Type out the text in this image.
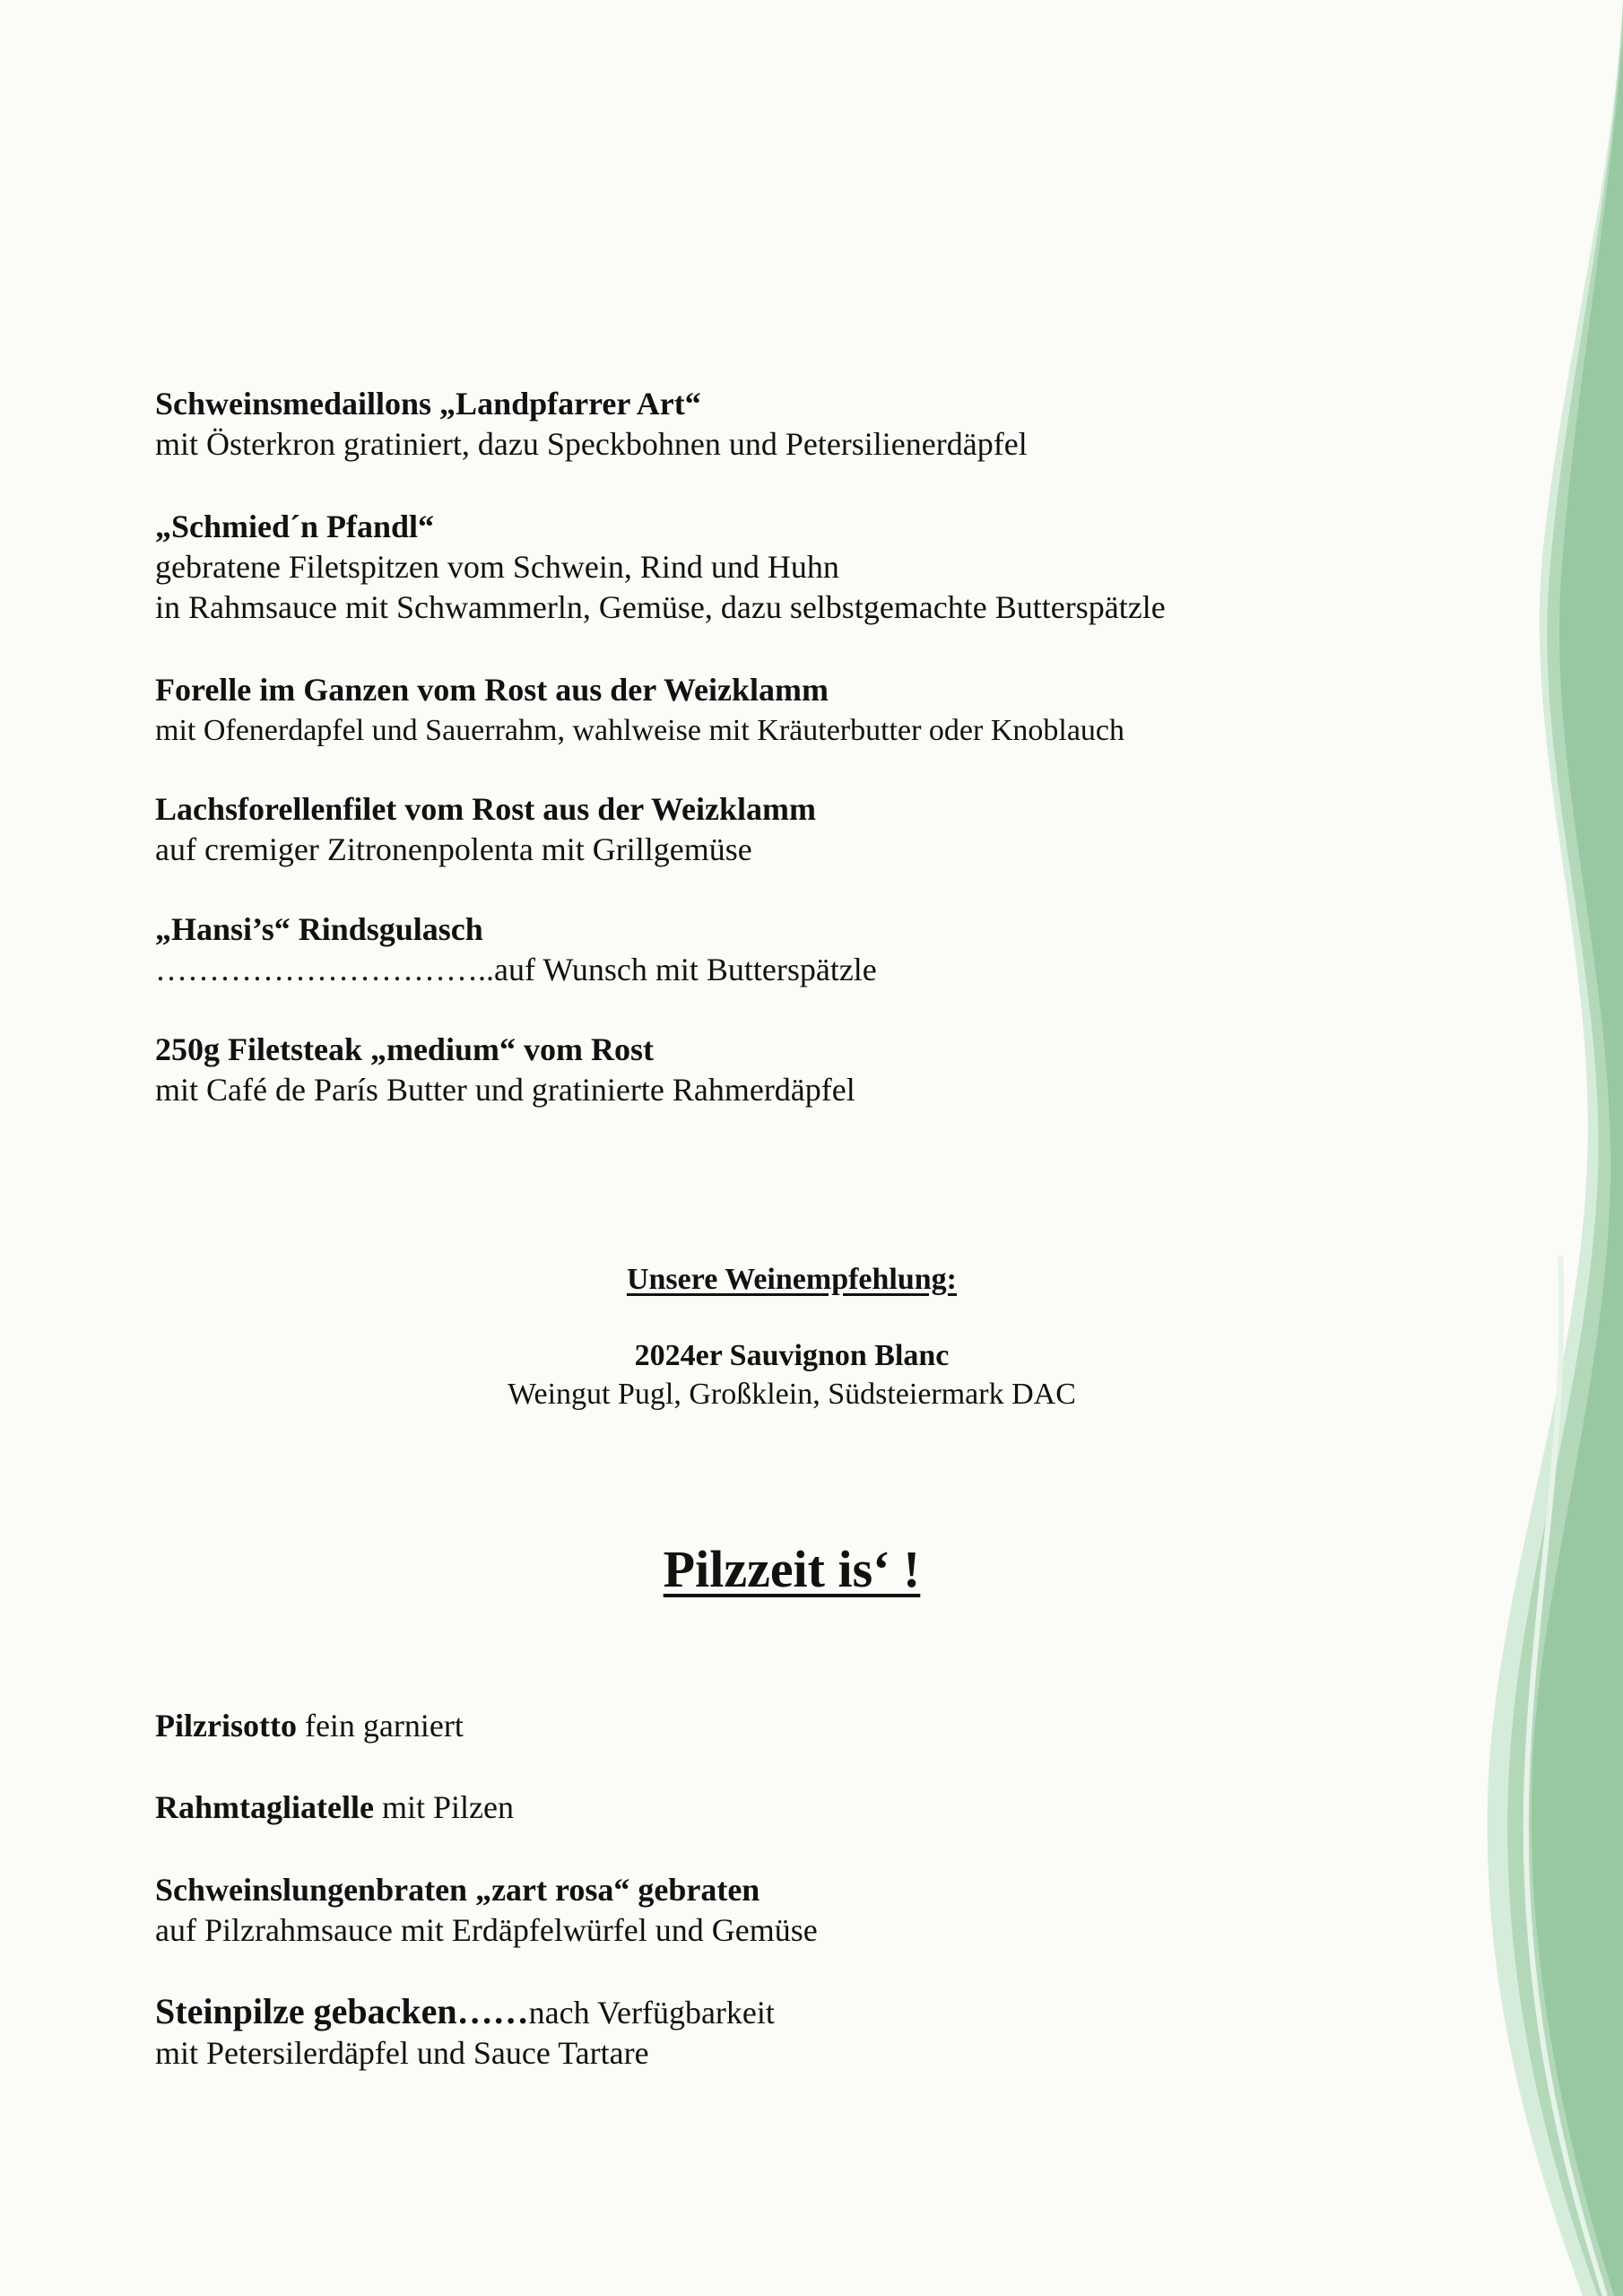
Schweinsmedaillons „Landpfarrer Art“
mit Österkron gratiniert, dazu Speckbohnen und Petersilienerdäpfel
„Schmied´n Pfandl“
gebratene Filetspitzen vom Schwein, Rind und Huhn
in Rahmsauce mit Schwammerln, Gemüse, dazu selbstgemachte Butterspätzle
Forelle im Ganzen vom Rost aus der Weizklamm
mit Ofenerdapfel und Sauerrahm, wahlweise mit Kräuterbutter oder Knoblauch
Lachsforellenfilet vom Rost aus der Weizklamm
auf cremiger Zitronenpolenta mit Grillgemüse
„Hansi’s“ Rindsgulasch
…………………………..auf Wunsch mit Butterspätzle
250g Filetsteak „medium“ vom Rost
mit Café de París Butter und gratinierte Rahmerdäpfel
Unsere Weinempfehlung:
2024er Sauvignon Blanc
Weingut Pugl, Großklein, Südsteiermark DAC
Pilzzeit is‘ !
Pilzrisotto fein garniert
Rahmtagliatelle mit Pilzen
Schweinslungenbraten „zart rosa“ gebraten
auf Pilzrahmsauce mit Erdäpfelwürfel und Gemüse
Steinpilze gebacken……nach Verfügbarkeit
mit Petersilerdäpfel und Sauce Tartare
